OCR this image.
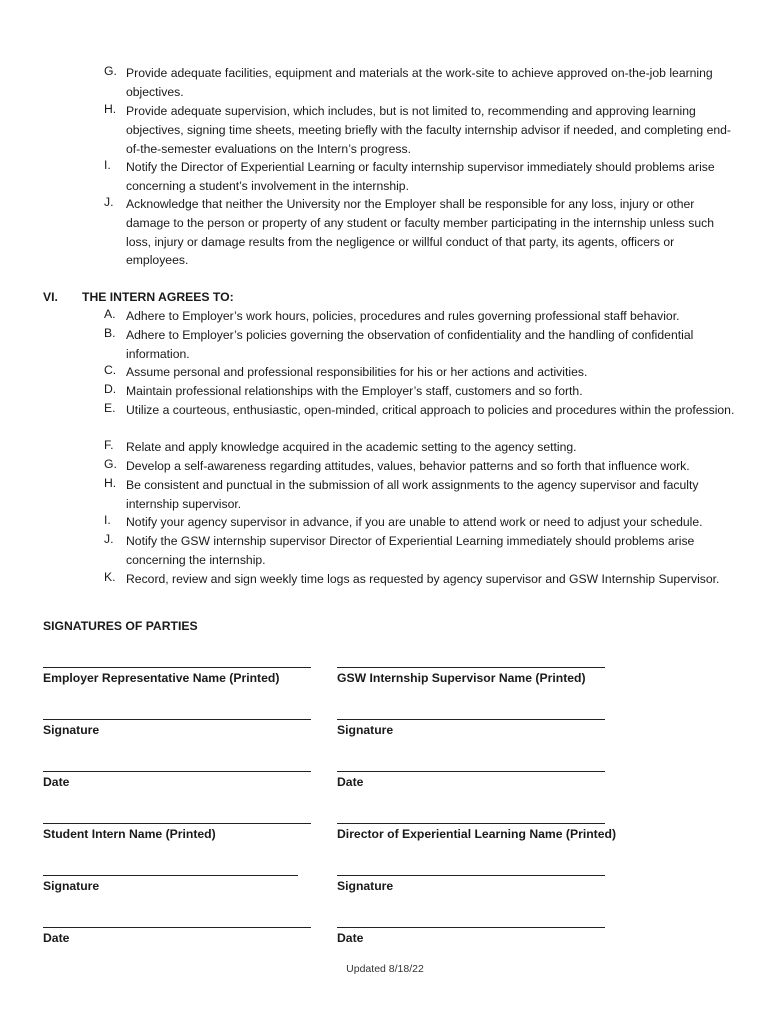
G. Provide adequate facilities, equipment and materials at the work-site to achieve approved on-the-job learning objectives.
H. Provide adequate supervision, which includes, but is not limited to, recommending and approving learning objectives, signing time sheets, meeting briefly with the faculty internship advisor if needed, and completing end-of-the-semester evaluations on the Intern’s progress.
I.	Notify the Director of Experiential Learning or faculty internship supervisor immediately should problems arise concerning a student’s involvement in the internship.
J.	Acknowledge that neither the University nor the Employer shall be responsible for any loss, injury or other damage to the person or property of any student or faculty member participating in the internship unless such loss, injury or damage results from the negligence or willful conduct of that party, its agents, officers or employees.
VI. THE INTERN AGREES TO:
A. Adhere to Employer’s work hours, policies, procedures and rules governing professional staff behavior.
B. Adhere to Employer’s policies governing the observation of confidentiality and the handling of confidential information.
C. Assume personal and professional responsibilities for his or her actions and activities.
D. Maintain professional relationships with the Employer’s staff, customers and so forth.
E. Utilize a courteous, enthusiastic, open-minded, critical approach to policies and procedures within the profession.
F.	Relate and apply knowledge acquired in the academic setting to the agency setting.
G. Develop a self-awareness regarding attitudes, values, behavior patterns and so forth that influence work.
H. Be consistent and punctual in the submission of all work assignments to the agency supervisor and faculty internship supervisor.
I.	Notify your agency supervisor in advance, if you are unable to attend work or need to adjust your schedule.
J.	Notify the GSW internship supervisor Director of Experiential Learning immediately should problems arise concerning the internship.
K. Record, review and sign weekly time logs as requested by agency supervisor and GSW Internship Supervisor.
SIGNATURES OF PARTIES
Employer Representative Name (Printed)
Signature
Date
Student Intern Name (Printed)
Signature
Date
GSW Internship Supervisor Name (Printed)
Signature
Date
Director of Experiential Learning Name (Printed)
Signature
Date
Updated 8/18/22
